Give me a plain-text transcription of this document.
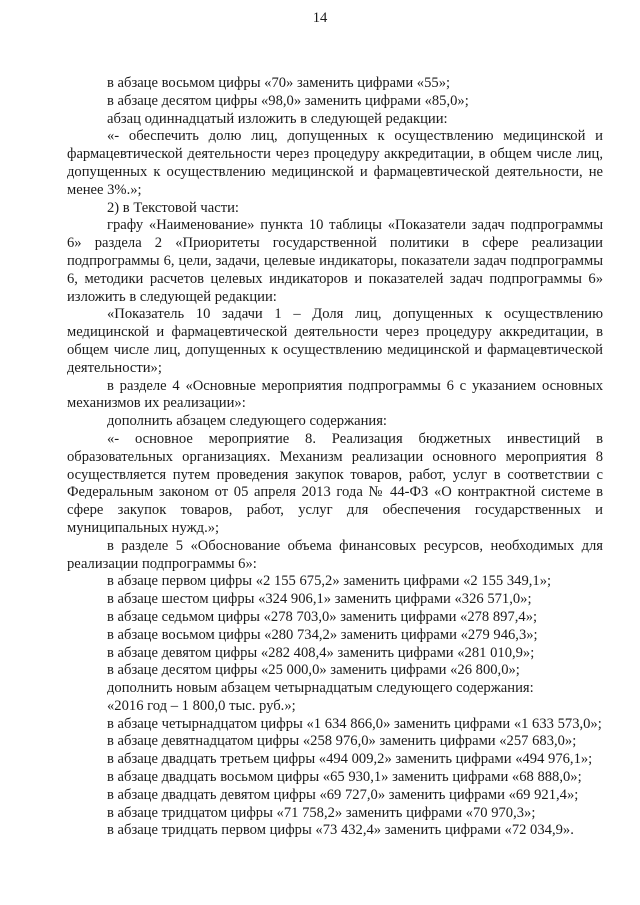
14

в абзаце восьмом цифры «70» заменить цифрами «55»;

в абзаце десятом цифры «98,0» заменить цифрами «85,0»;

абзац одиннадцатый изложить в следующей редакции:

«- обеспечить долю лиц, допущенных к осуществлению медицинской и фармацевтической деятельности через процедуру аккредитации, в общем числе лиц, допущенных к осуществлению медицинской и фармацевтической деятельности, не менее 3%.»;

2) в Текстовой части:

графу «Наименование» пункта 10 таблицы «Показатели задач подпрограммы 6» раздела 2 «Приоритеты государственной политики в сфере реализации подпрограммы 6, цели, задачи, целевые индикаторы, показатели задач подпрограммы 6, методики расчетов целевых индикаторов и показателей задач подпрограммы 6» изложить в следующей редакции:

«Показатель 10 задачи 1 – Доля лиц, допущенных к осуществлению медицинской и фармацевтической деятельности через процедуру аккредитации, в общем числе лиц, допущенных к осуществлению медицинской и фармацевтической деятельности»;

в разделе 4 «Основные мероприятия подпрограммы 6 с указанием основных механизмов их реализации»:

дополнить абзацем следующего содержания:

«- основное мероприятие 8. Реализация бюджетных инвестиций в образовательных организациях. Механизм реализации основного мероприятия 8 осуществляется путем проведения закупок товаров, работ, услуг в соответствии с Федеральным законом от 05 апреля 2013 года № 44-ФЗ «О контрактной системе в сфере закупок товаров, работ, услуг для обеспечения государственных и муниципальных нужд.»;

в разделе 5 «Обоснование объема финансовых ресурсов, необходимых для реализации подпрограммы 6»:

в абзаце первом цифры «2 155 675,2» заменить цифрами «2 155 349,1»;

в абзаце шестом цифры «324 906,1» заменить цифрами «326 571,0»;

в абзаце седьмом цифры «278 703,0» заменить цифрами «278 897,4»;

в абзаце восьмом цифры «280 734,2» заменить цифрами «279 946,3»;

в абзаце девятом цифры «282 408,4» заменить цифрами «281 010,9»;

в абзаце десятом цифры «25 000,0» заменить цифрами «26 800,0»;

дополнить новым абзацем четырнадцатым следующего содержания:

«2016 год – 1 800,0 тыс. руб.»;

в абзаце четырнадцатом цифры «1 634 866,0» заменить цифрами «1 633 573,0»;

в абзаце девятнадцатом цифры «258 976,0» заменить цифрами «257 683,0»;

в абзаце двадцать третьем цифры «494 009,2» заменить цифрами «494 976,1»;

в абзаце двадцать восьмом цифры «65 930,1» заменить цифрами «68 888,0»;

в абзаце двадцать девятом цифры «69 727,0» заменить цифрами «69 921,4»;

в абзаце тридцатом цифры «71 758,2» заменить цифрами «70 970,3»;

в абзаце тридцать первом цифры «73 432,4» заменить цифрами «72 034,9».
